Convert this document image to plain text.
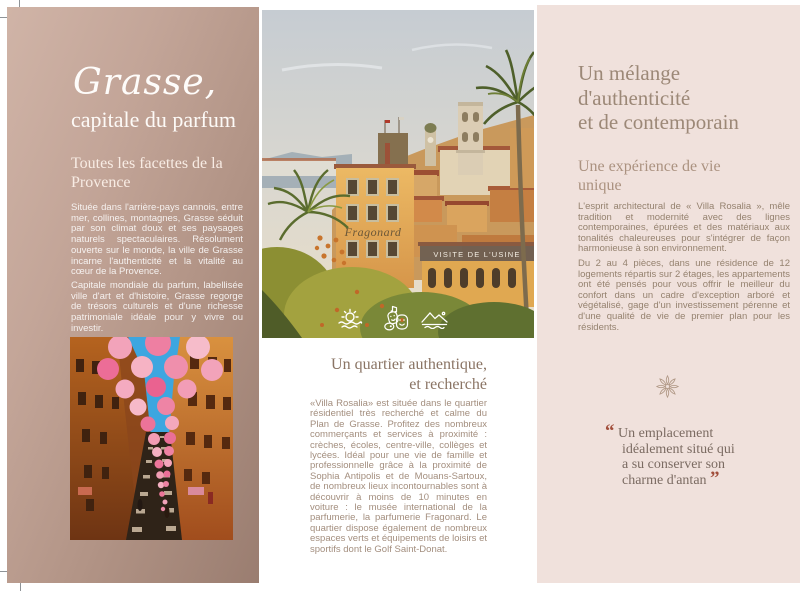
Grasse,
capitale du parfum
Toutes les facettes de la Provence
Située dans l'arrière-pays cannois, entre mer, collines, montagnes, Grasse séduit par son climat doux et ses paysages naturels spectaculaires. Résolument ouverte sur le monde, la ville de Grasse incarne l'authenticité et la vitalité au cœur de la Provence.
Capitale mondiale du parfum, labellisée ville d'art et d'histoire, Grasse regorge de trésors culturels et d'une richesse patrimoniale idéale pour y vivre ou investir.
Fragonard
VISITE DE L'USINE
Un quartier authentique,
et recherché
«Villa Rosalia» est située dans le quartier résidentiel très recherché et calme du Plan de Grasse. Profitez des nombreux commerçants et services à proximité : crèches, écoles, centre-ville, collèges et lycées. Idéal pour une vie de famille et professionnelle grâce à la proximité de Sophia Antipolis et de Mouans-Sartoux, de nombreux lieux incontournables sont à découvrir à moins de 10 minutes en voiture : le musée international de la parfumerie, la parfumerie Fragonard. Le quartier dispose également de nombreux espaces verts et équipements de loisirs et sportifs dont le Golf Saint-Donat.
Un mélange
d'authenticité
et de contemporain
Une expérience de vie
unique
L'esprit architectural de « Villa Rosalia », mêle tradition et modernité avec des lignes contemporaines, épurées et des matériaux aux tonalités chaleureuses pour s'intégrer de façon harmonieuse à son environnement.
Du 2 au 4 pièces, dans une résidence de 12 logements répartis sur 2 étages, les appartements ont été pensés pour vous offrir le meilleur du confort dans un cadre d'exception arboré et végétalisé, gage d'un investissement pérenne et d'une qualité de vie de premier plan pour les résidents.
“ Un emplacement idéalement situé qui a su conserver son charme d'antan ”
